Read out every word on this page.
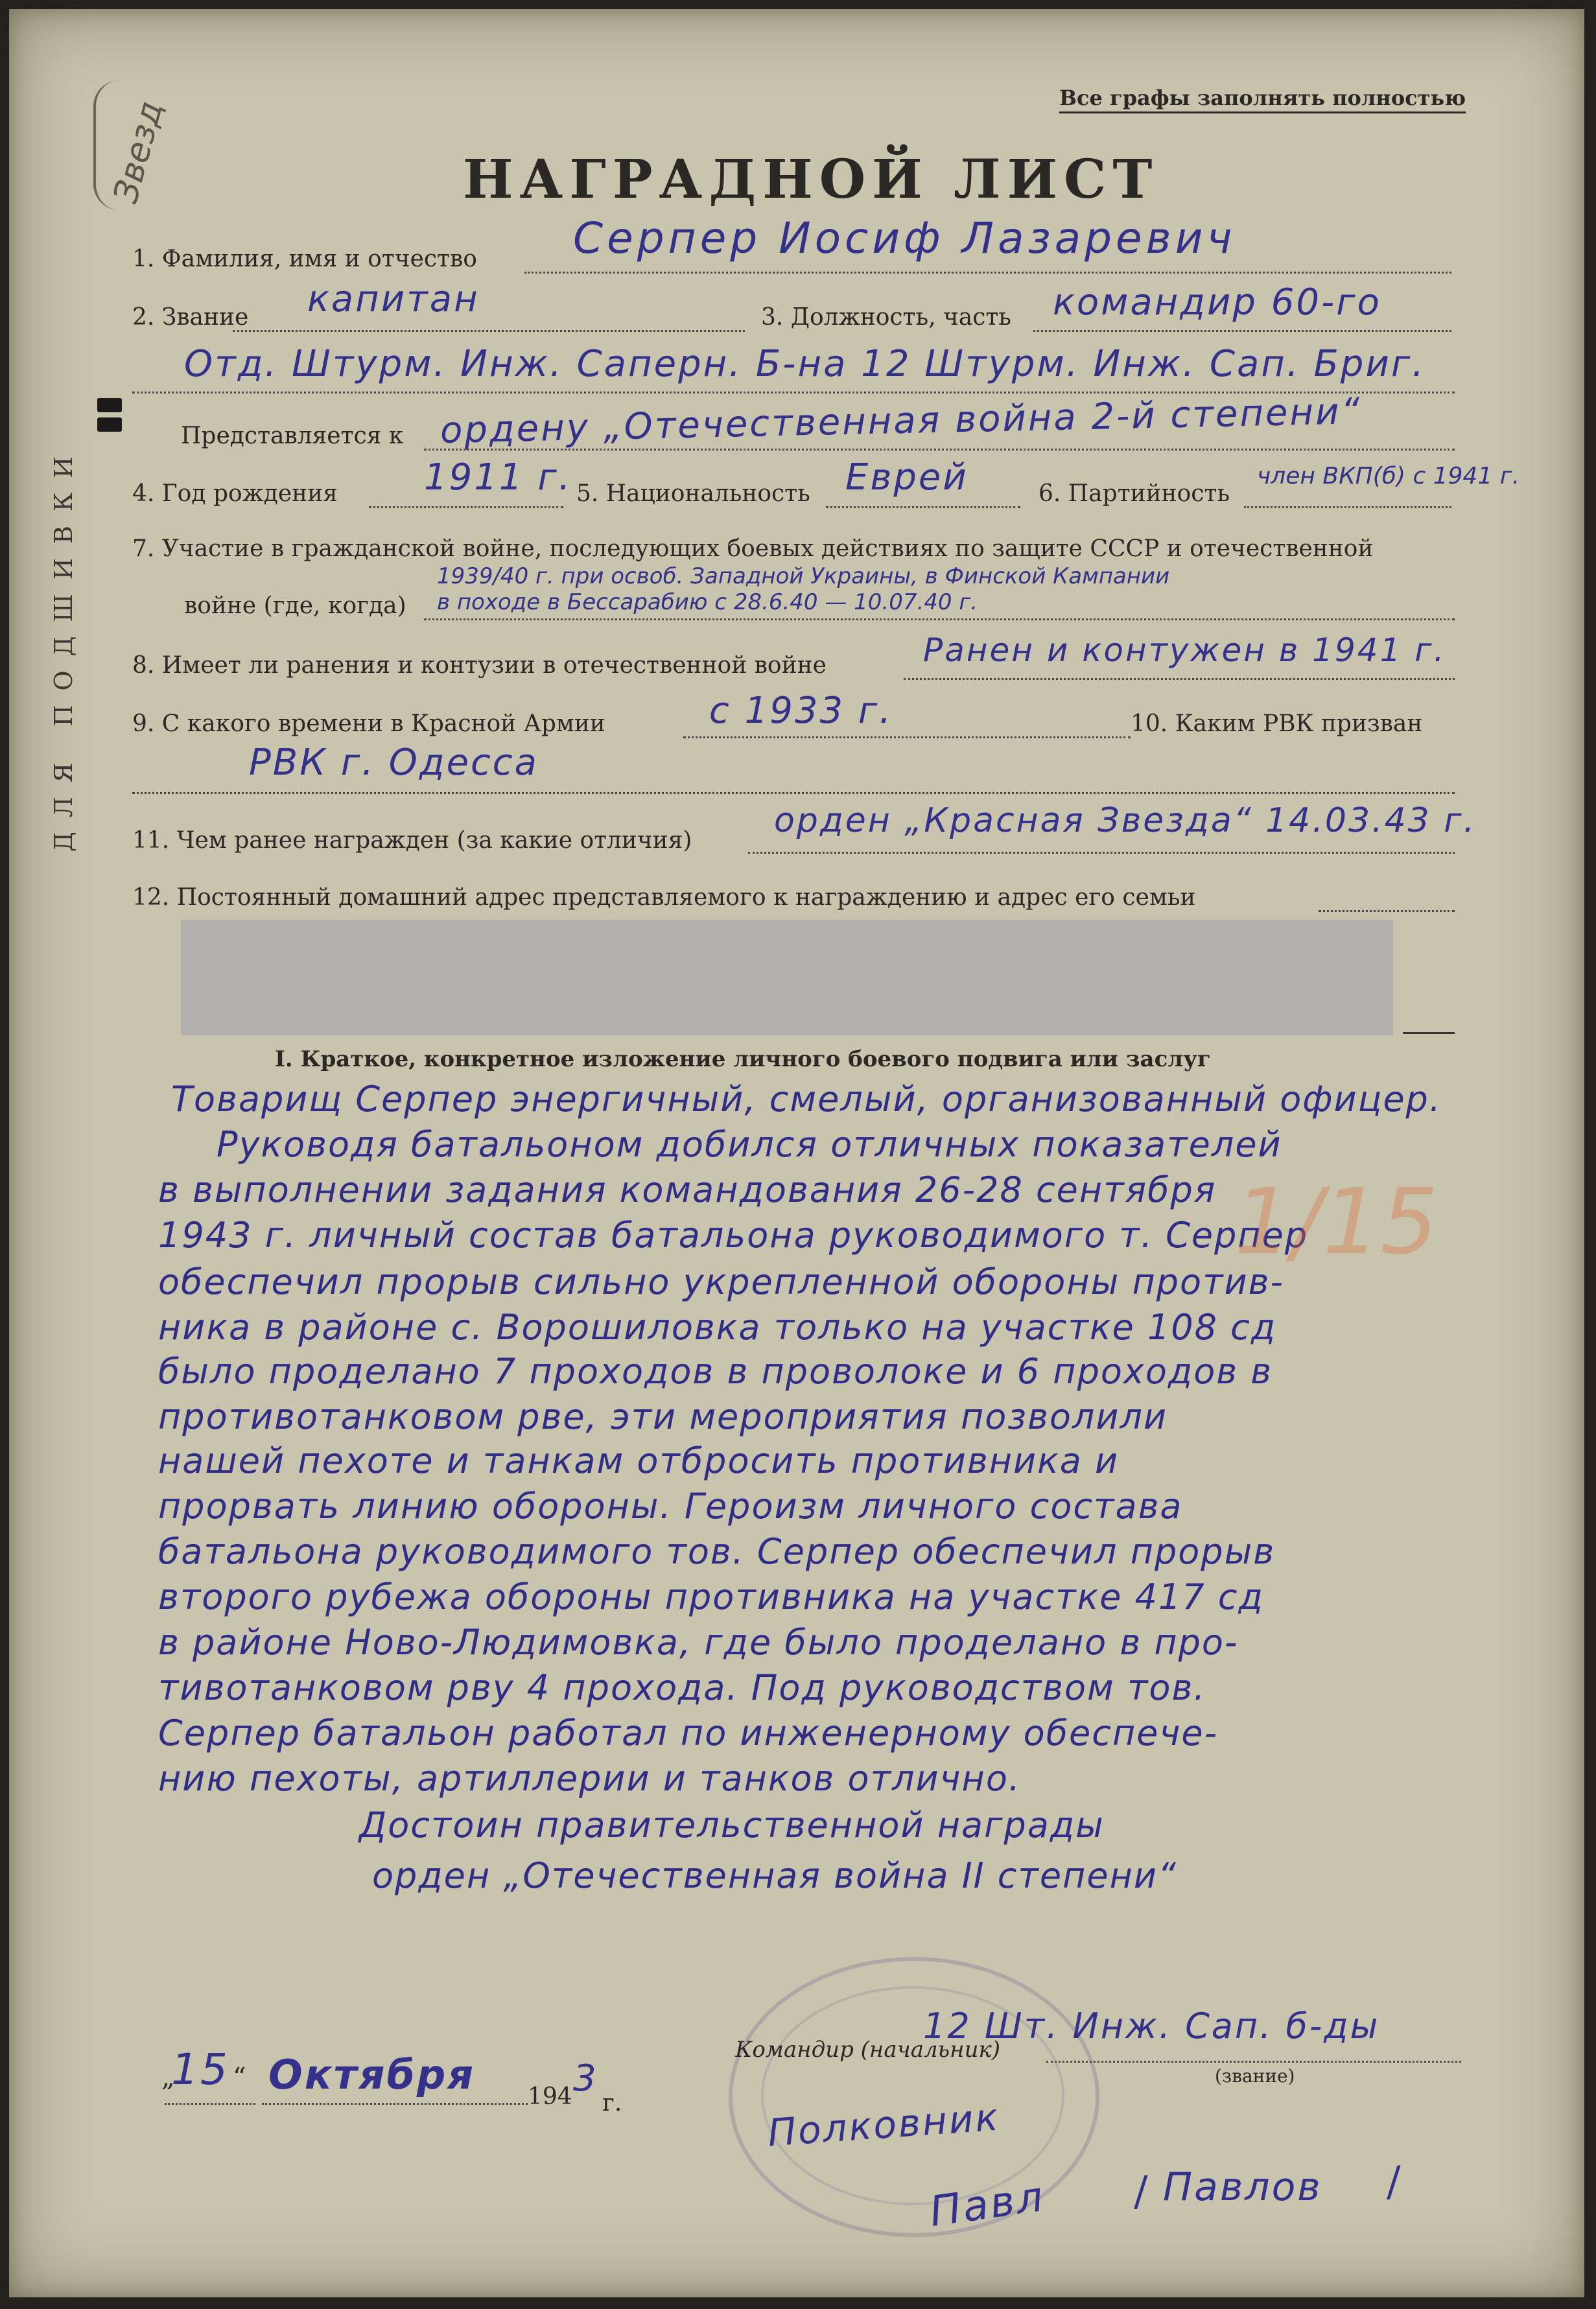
Звезд	Все графы заполнять полностью
НАГРАДНОЙ ЛИСТ
ДЛЯ ПОДШИВКИ
1. Фамилия, имя и отчество Серпер Иосиф Лазаревич
2. Звание капитан	3. Должность, часть командир 60-го
Отд. Штурм. Инж. Саперн. Б-на 12 Штурм. Инж. Сап. Бриг.
Представляется к ордену „Отечественная война 2-й степени“
4. Год рождения 1911 г. 5. Национальность Еврей	6. Партийность
член ВКП(б) с 1941 г.
7. Участие в гражданской войне, последующих боевых действиях по защите СССР и отечественной
войне (где, когда)
1939/40 г. при освоб. Западной Украины, в Финской Кампании
в походе в Бессарабию с 28.6.40 — 10.07.40 г.
8. Имеет ли ранения и контузии в отечественной войне	Ранен и контужен в 1941 г.
9. С какого времени в Красной Армии	с 1933 г.	10. Каким РВК призван
РВК г. Одесса
11. Чем ранее награжден (за какие отличия)
орден „Красная Звезда“ 14.03.43 г.
12. Постоянный домашний адрес представляемого к награждению и адрес его семьи
I. Краткое, конкретное изложение личного боевого подвига или заслуг

Товарищ Серпер энергичный, смелый, организованный офицер.

Руководя батальоном добился отличных показателей

в выполнении задания командования 26-28 сентября

1943 г. личный состав батальона руководимого т. Серпер

обеспечил прорыв сильно укрепленной обороны против-

ника в районе с. Ворошиловка только на участке 108 сд

было проделано 7 проходов в проволоке и 6 проходов в

противотанковом рве, эти мероприятия позволили

нашей пехоте и танкам отбросить противника и

прорвать линию обороны. Героизм личного состава

батальона руководимого тов. Серпер обеспечил прорыв

второго рубежа обороны противника на участке 417 сд

в районе Ново-Людимовка, где было проделано в про-

тивотанковом рву 4 прохода. Под руководством тов.

Серпер батальон работал по инженерному обеспече-

нию пехоты, артиллерии и танков отлично.

Достоин правительственной награды

орден „Отечественная война II степени“

1/15
15
„ “ Октября 194 3
г.
Командир (начальник)
12 Шт. Инж. Сап. б-ды
(звание)
Полковник
Павл	Павлов
/	/
